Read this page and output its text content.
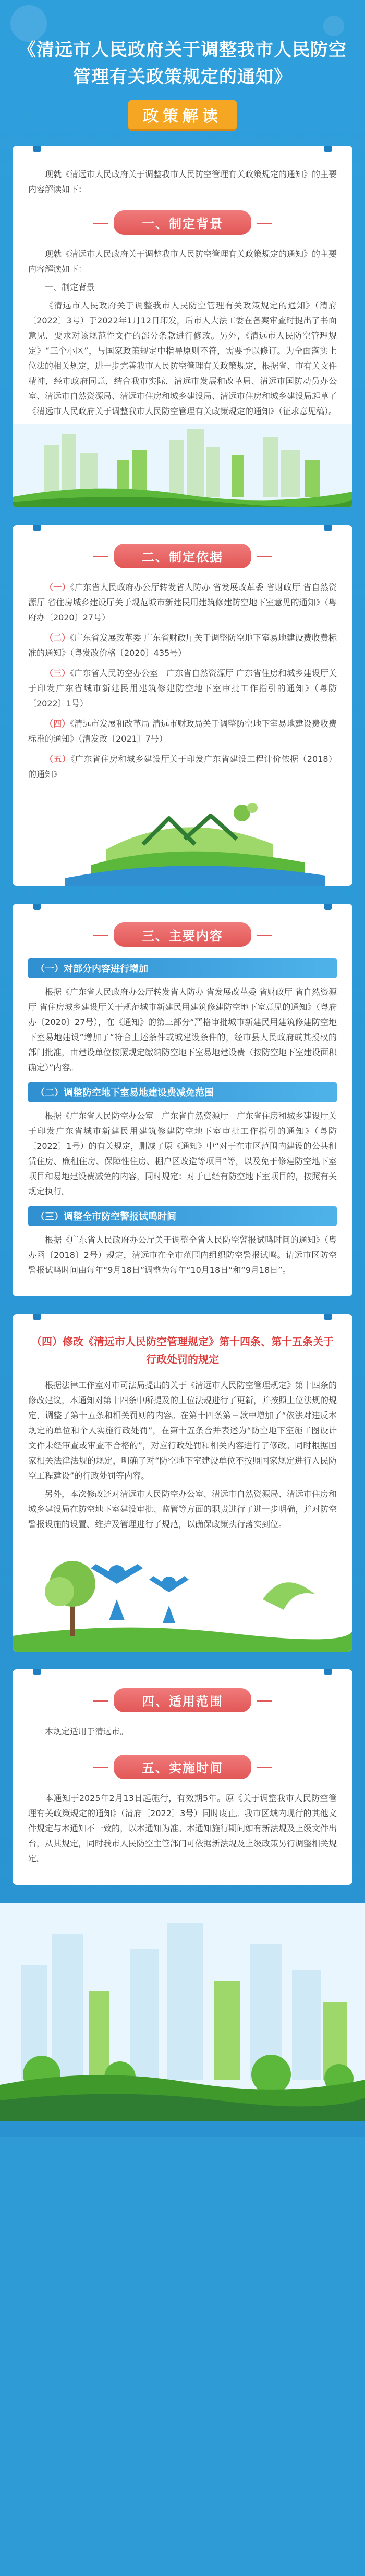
《清远市人民政府关于调整我市人民防空管理有关政策规定的通知》
政策解读

现就《清远市人民政府关于调整我市人民防空管理有关政策规定的通知》的主要内容解读如下：

一、制定背景

现就《清远市人民政府关于调整我市人民防空管理有关政策规定的通知》的主要内容解读如下：

一、制定背景

《清远市人民政府关于调整我市人民防空管理有关政策规定的通知》（清府〔2022〕3号）于2022年1月12日印发，后市人大法工委在备案审查时提出了书面意见，要求对该规范性文件的部分条款进行修改。另外，《清远市人民防空管理规定》“三个小区”，与国家政策规定中指导原则不符，需要予以修订。为全面落实上位法的相关规定，进一步完善我市人民防空管理有关政策规定，根据省、市有关文件精神，经市政府同意，结合我市实际，清远市发展和改革局、清远市国防动员办公室、清远市自然资源局、清远市住房和城乡建设局、清远市住房和城乡建设局起草了《清远市人民政府关于调整我市人民防空管理有关政策规定的通知》（征求意见稿）。

二、制定依据

（一）《广东省人民政府办公厅转发省人防办 省发展改革委 省财政厅 省自然资源厅 省住房城乡建设厅关于规范城市新建民用建筑修建防空地下室意见的通知》（粤府办〔2020〕27号）

（二）《广东省发展改革委 广东省财政厅关于调整防空地下室易地建设费收费标准的通知》（粤发改价格〔2020〕435号）

（三）《广东省人民防空办公室　广东省自然资源厅 广东省住房和城乡建设厅关于印发广东省城市新建民用建筑修建防空地下室审批工作指引的通知》（粤防〔2022〕1号）

（四）《清远市发展和改革局 清远市财政局关于调整防空地下室易地建设费收费标准的通知》（清发改〔2021〕7号）

（五）《广东省住房和城乡建设厅关于印发广东省建设工程计价依据（2018）的通知》

三、主要内容
（一）对部分内容进行增加

根据《广东省人民政府办公厅转发省人防办 省发展改革委 省财政厅 省自然资源厅 省住房城乡建设厅关于规范城市新建民用建筑修建防空地下室意见的通知》（粤府办〔2020〕27号），在《通知》的第三部分“严格审批城市新建民用建筑修建防空地下室易地建设”增加了“符合上述条件或城建设条件的，经市县人民政府或其授权的部门批准，由建设单位按照规定缴纳防空地下室易地建设费（按防空地下室建设面积确定）”内容。

（二）调整防空地下室易地建设费减免范围

根据《广东省人民防空办公室　广东省自然资源厅　广东省住房和城乡建设厅关于印发广东省城市新建民用建筑修建防空地下室审批工作指引的通知》（粤防〔2022〕1号）的有关规定，删减了原《通知》中“对于在市区范围内建设的公共租赁住房、廉租住房、保障性住房、棚户区改造等项目”等，以及免于修建防空地下室项目和易地建设费减免的内容，同时规定：对于已经有防空地下室项目的，按照有关规定执行。

（三）调整全市防空警报试鸣时间

根据《广东省人民政府办公厅关于调整全省人民防空警报试鸣时间的通知》（粤办函〔2018〕2号）规定，清远市在全市范围内组织防空警报试鸣。请远市区防空警报试鸣时间由每年“9月18日”调整为每年“10月18日”和“9月18日”。

（四）修改《清远市人民防空管理规定》第十四条、第十五条关于行政处罚的规定

根据法律工作室对市司法局提出的关于《清远市人民防空管理规定》第十四条的修改建议，本通知对第十四条中所提及的上位法规进行了更新，并按照上位法规的规定，调整了第十五条和相关罚则的内容。在第十四条第三款中增加了“依法对违反本规定的单位和个人实施行政处罚”，在第十五条合并表述为“防空地下室施工图设计文件未经审查或审查不合格的”，对应行政处罚和相关内容进行了修改。同时根据国家相关法律法规的规定，明确了对“防空地下室建设单位不按照国家规定进行人民防空工程建设”的行政处罚等内容。

另外，本次修改还对清远市人民防空办公室、清远市自然资源局、清远市住房和城乡建设局在防空地下室建设审批、监管等方面的职责进行了进一步明确，并对防空警报设施的设置、维护及管理进行了规范，以确保政策执行落实到位。

四、适用范围

本规定适用于清远市。

五、实施时间

本通知于2025年2月13日起施行，有效期5年。原《关于调整我市人民防空管理有关政策规定的通知》（清府〔2022〕3号）同时废止。我市区域内现行的其他文件规定与本通知不一致的，以本通知为准。本通知施行期间如有新法规及上级文件出台，从其规定，同时我市人民防空主管部门可依据新法规及上级政策另行调整相关规定。
